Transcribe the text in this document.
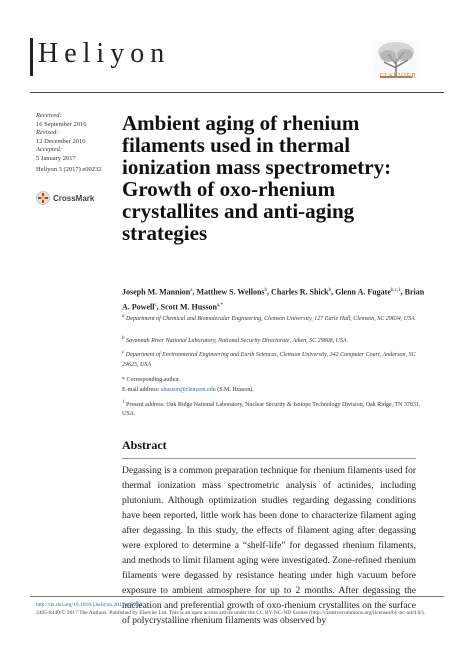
Heliyon
ELSEVIER
Received:
16 September 2016
Revised:
12 December 2016
Accepted:
5 January 2017
Heliyon 3 (2017) e00232
CrossMark
Ambient aging of rhenium filaments used in thermal ionization mass spectrometry: Growth of oxo-rhenium crystallites and anti-aging strategies
Joseph M. Mannion$^a$, Matthew S. Wellons$^b$, Charles R. Shick$^b$, Glenn A. Fugate$^{b,c,1}$, Brian A. Powell$^c$, Scott M. Husson$^{a,*}$
$^a$ Department of Chemical and Biomolecular Engineering, Clemson University, 127 Earle Hall, Clemson, SC 29634, USA
$^b$ Savannah River National Laboratory, National Security Directorate, Aiken, SC 29808, USA
$^c$ Department of Environmental Engineering and Earth Sciences, Clemson University, 342 Computer Court, Anderson, SC 29625, USA
* Corresponding author.
E-mail address: shusson@clemson.edu (S.M. Husson).
$^1$ Present address: Oak Ridge National Laboratory, Nuclear Security & Isotope Technology Division, Oak Ridge, TN 37831, USA.
Abstract

Degassing is a common preparation technique for rhenium filaments used for thermal ionization mass spectrometric analysis of actinides, including plutonium. Although optimization studies regarding degassing conditions have been reported, little work has been done to characterize filament aging after degassing. In this study, the effects of filament aging after degassing were explored to determine a “shelf-life” for degassed rhenium filaments, and methods to limit filament aging were investigated. Zone-refined rhenium filaments were degassed by resistance heating under high vacuum before exposure to ambient atmosphere for up to 2 months. After degassing the nucleation and preferential growth of oxo-rhenium crystallites on the surface of polycrystalline rhenium filaments was observed by

http://dx.doi.org/10.1016/j.heliyon.2017.e00232
2405-8440/© 2017 The Authors. Published by Elsevier Ltd. This is an open access article under the CC BY-NC-ND license (http://creativecommons.org/licenses/by-nc-nd/4.0/).
